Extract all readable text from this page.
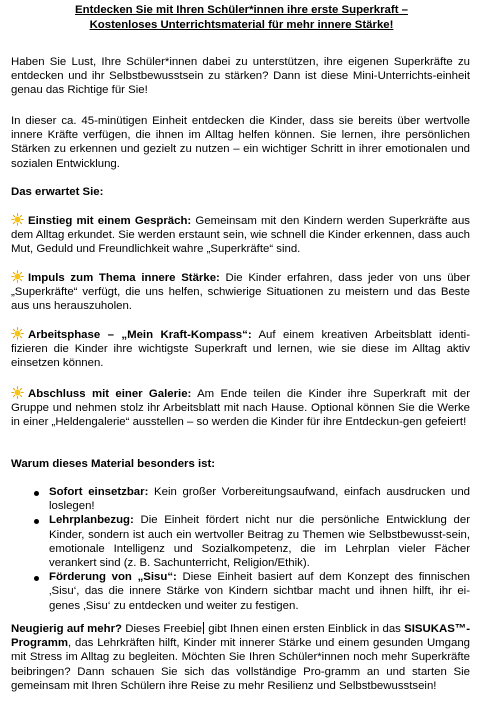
Entdecken Sie mit Ihren Schüler*innen ihre erste Superkraft –
Kostenloses Unterrichtsmaterial für mehr innere Stärke!
Haben Sie Lust, Ihre Schüler*innen dabei zu unterstützen, ihre eigenen Superkräfte zu entdecken und ihr Selbstbewusstsein zu stärken? Dann ist diese Mini-Unterrichts-einheit genau das Richtige für Sie!
In dieser ca. 45-minütigen Einheit entdecken die Kinder, dass sie bereits über wertvolle innere Kräfte verfügen, die ihnen im Alltag helfen können. Sie lernen, ihre persönlichen Stärken zu erkennen und gezielt zu nutzen – ein wichtiger Schritt in ihrer emotionalen und sozialen Entwicklung.
Das erwartet Sie:
Einstieg mit einem Gespräch: Gemeinsam mit den Kindern werden Superkräfte aus dem Alltag erkundet. Sie werden erstaunt sein, wie schnell die Kinder erkennen, dass auch Mut, Geduld und Freundlichkeit wahre „Superkräfte“ sind.
Impuls zum Thema innere Stärke: Die Kinder erfahren, dass jeder von uns über „Superkräfte“ verfügt, die uns helfen, schwierige Situationen zu meistern und das Beste aus uns herauszuholen.
Arbeitsphase – „Mein Kraft-Kompass“: Auf einem kreativen Arbeitsblatt identi-fizieren die Kinder ihre wichtigste Superkraft und lernen, wie sie diese im Alltag aktiv einsetzen können.
Abschluss mit einer Galerie: Am Ende teilen die Kinder ihre Superkraft mit der Gruppe und nehmen stolz ihr Arbeitsblatt mit nach Hause. Optional können Sie die Werke in einer „Heldengalerie“ ausstellen – so werden die Kinder für ihre Entdeckun-gen gefeiert!
Warum dieses Material besonders ist:
Sofort einsetzbar: Kein großer Vorbereitungsaufwand, einfach ausdrucken und loslegen!
Lehrplanbezug: Die Einheit fördert nicht nur die persönliche Entwicklung der Kinder, sondern ist auch ein wertvoller Beitrag zu Themen wie Selbstbewusst-sein, emotionale Intelligenz und Sozialkompetenz, die im Lehrplan vieler Fächer verankert sind (z. B. Sachunterricht, Religion/Ethik).
Förderung von „Sisu“: Diese Einheit basiert auf dem Konzept des finnischen ‚Sisu‘, das die innere Stärke von Kindern sichtbar macht und ihnen hilft, ihr ei-genes ‚Sisu‘ zu entdecken und weiter zu festigen.
Neugierig auf mehr? Dieses Freebie gibt Ihnen einen ersten Einblick in das SISUKAS™-Programm, das Lehrkräften hilft, Kinder mit innerer Stärke und einem gesunden Umgang mit Stress im Alltag zu begleiten. Möchten Sie Ihren Schüler*innen noch mehr Superkräfte beibringen? Dann schauen Sie sich das vollständige Pro-gramm an und starten Sie gemeinsam mit Ihren Schülern ihre Reise zu mehr Resilienz und Selbstbewusstsein!
